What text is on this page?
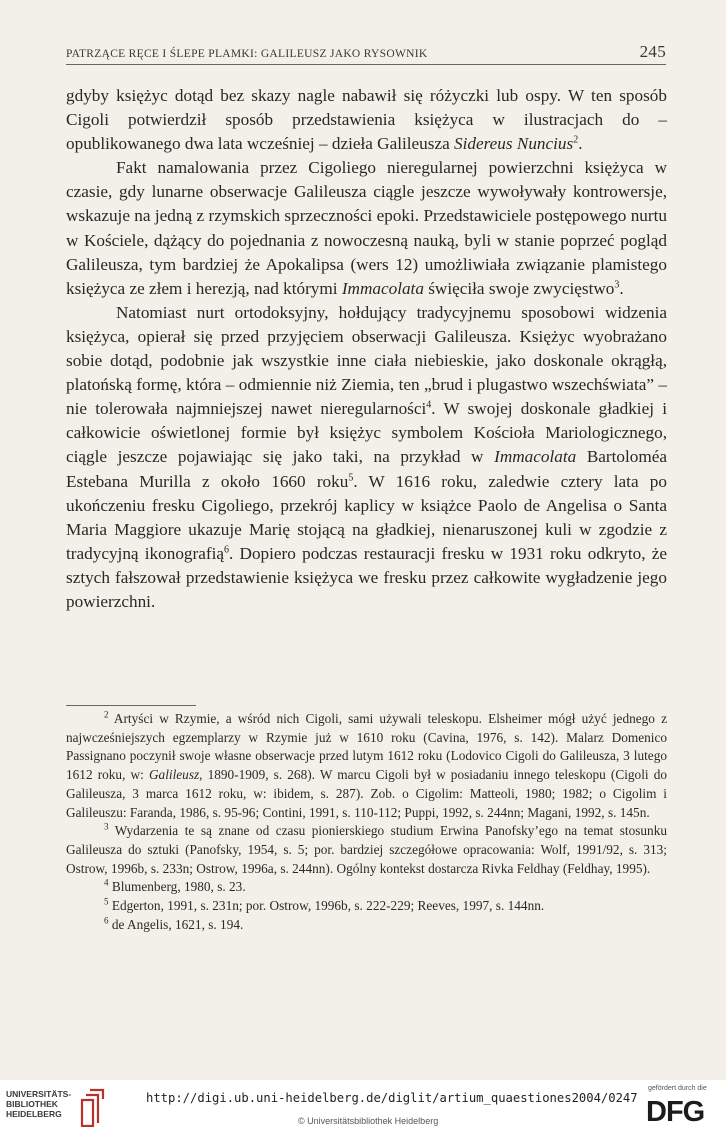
PATRZĄCE RĘCE I ŚLEPE PLAMKI: GALILEUSZ JAKO RYSOWNIK	245

gdyby księżyc dotąd bez skazy nagle nabawił się różyczki lub ospy. W ten sposób Cigoli potwierdził sposób przedstawienia księżyca w ilustracjach do – opublikowanego dwa lata wcześniej – dzieła Galileusza Sidereus Nuncius$^2$.

Fakt namalowania przez Cigoliego nieregularnej powierzchni księżyca w czasie, gdy lunarne obserwacje Galileusza ciągle jeszcze wywoływały kontrowersje, wskazuje na jedną z rzymskich sprzeczności epoki. Przedstawiciele postępowego nurtu w Kościele, dążący do pojednania z nowoczesną nauką, byli w stanie poprzeć pogląd Galileusza, tym bardziej że Apokalipsa (wers 12) umożliwiała związanie plamistego księżyca ze złem i herezją, nad którymi Immacolata święciła swoje zwycięstwo$^3$.

Natomiast nurt ortodoksyjny, hołdujący tradycyjnemu sposobowi widzenia księżyca, opierał się przed przyjęciem obserwacji Galileusza. Księżyc wyobrażano sobie dotąd, podobnie jak wszystkie inne ciała niebieskie, jako doskonale okrągłą, platońską formę, która – odmiennie niż Ziemia, ten „brud i plugastwo wszechświata” – nie tolerowała najmniejszej nawet nieregularności$^4$. W swojej doskonale gładkiej i całkowicie oświetlonej formie był księżyc symbolem Kościoła Mariologicznego, ciągle jeszcze pojawiając się jako taki, na przykład w Immacolata Bartoloméa Estebana Murilla z około 1660 roku$^5$. W 1616 roku, zaledwie cztery lata po ukończeniu fresku Cigoliego, przekrój kaplicy w książce Paolo de Angelisa o Santa Maria Maggiore ukazuje Marię stojącą na gładkiej, nienaruszonej kuli w zgodzie z tradycyjną ikonografią$^6$. Dopiero podczas restauracji fresku w 1931 roku odkryto, że sztych fałszował przedstawienie księżyca we fresku przez całkowite wygładzenie jego powierzchni.

$^2$ Artyści w Rzymie, a wśród nich Cigoli, sami używali teleskopu. Elsheimer mógł użyć jednego z najwcześniejszych egzemplarzy w Rzymie już w 1610 roku (Cavina, 1976, s. 142). Malarz Domenico Passignano poczynił swoje własne obserwacje przed lutym 1612 roku (Lodovico Cigoli do Galileusza, 3 lutego 1612 roku, w: Galileusz, 1890-1909, s. 268). W marcu Cigoli był w posiadaniu innego teleskopu (Cigoli do Galileusza, 3 marca 1612 roku, w: ibidem, s. 287). Zob. o Cigolim: Matteoli, 1980; 1982; o Cigolim i Galileuszu: Faranda, 1986, s. 95-96; Contini, 1991, s. 110-112; Puppi, 1992, s. 244nn; Magani, 1992, s. 145n.

$^3$ Wydarzenia te są znane od czasu pionierskiego studium Erwina Panofsky’ego na temat stosunku Galileusza do sztuki (Panofsky, 1954, s. 5; por. bardziej szczegółowe opracowania: Wolf, 1991/92, s. 313; Ostrow, 1996b, s. 233n; Ostrow, 1996a, s. 244nn). Ogólny kontekst dostarcza Rivka Feldhay (Feldhay, 1995).

$^4$ Blumenberg, 1980, s. 23.

$^5$ Edgerton, 1991, s. 231n; por. Ostrow, 1996b, s. 222-229; Reeves, 1997, s. 144nn.

$^6$ de Angelis, 1621, s. 194.

UNIVERSITÄTS-
BIBLIOTHEK
HEIDELBERG
http://digi.ub.uni-heidelberg.de/diglit/artium_quaestiones2004/0247
© Universitätsbibliothek Heidelberg
gefördert durch die
DFG
